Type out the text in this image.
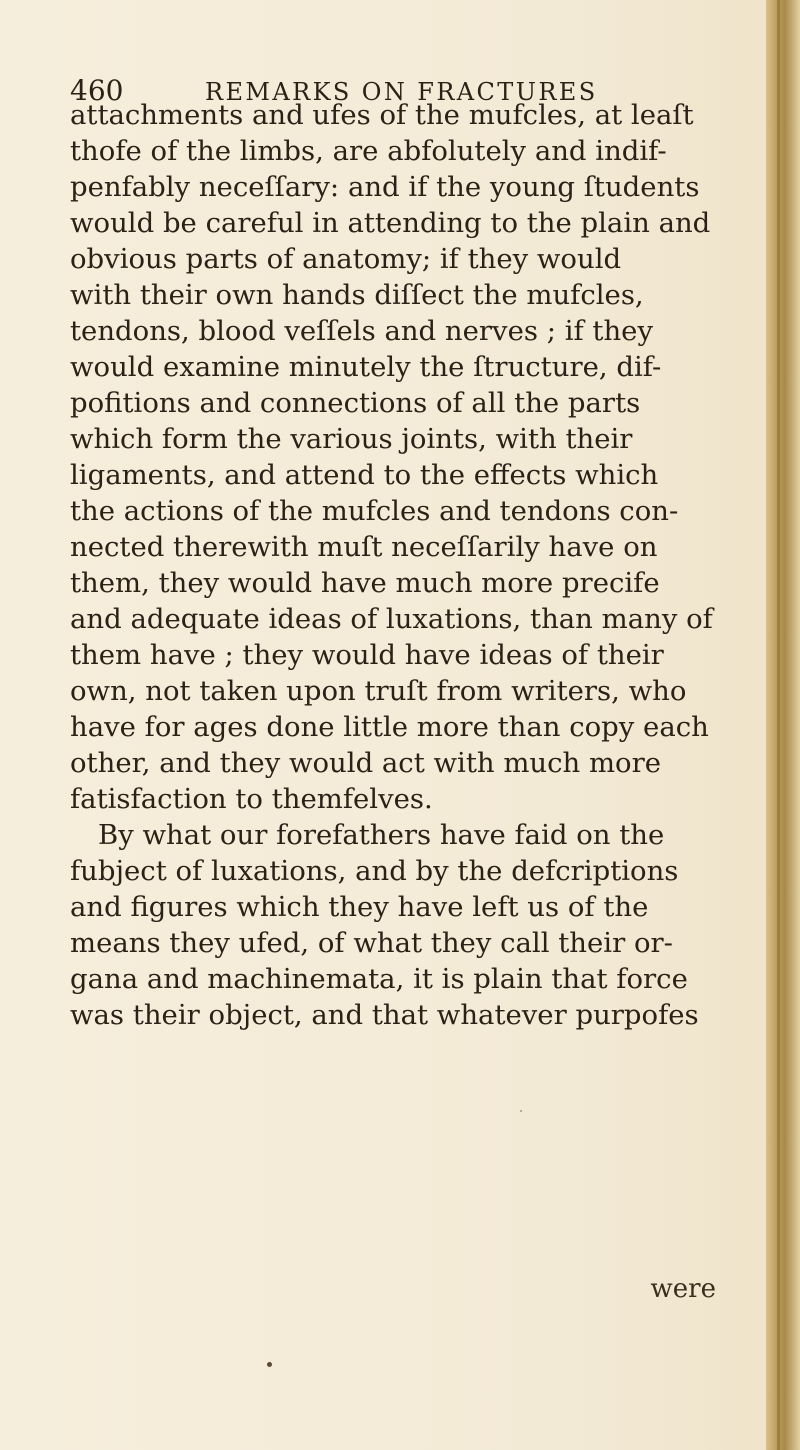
460	REMARKS ON FRACTURES
attachments and ufes of the mufcles, at leaſt
thofe of the limbs, are abfolutely and indif-
penfably neceſſary: and if the young ſtudents
would be careful in attending to the plain and
obvious parts of anatomy; if they would
with their own hands diſſect the mufcles,
tendons, blood veſſels and nerves ; if they
would examine minutely the ſtructure, dif-
pofitions and connections of all the parts
which form the various joints, with their
ligaments, and attend to the effects which
the actions of the mufcles and tendons con-
nected therewith muſt neceſſarily have on
them, they would have much more precife
and adequate ideas of luxations, than many of
them have ; they would have ideas of their
own, not taken upon truſt from writers, who
have for ages done little more than copy each
other, and they would act with much more
fatisfaction to themfelves.
By what our forefathers have faid on the
fubject of luxations, and by the defcriptions
and figures which they have left us of the
means they ufed, of what they call their or-
gana and machinemata, it is plain that force
was their object, and that whatever purpofes
were
